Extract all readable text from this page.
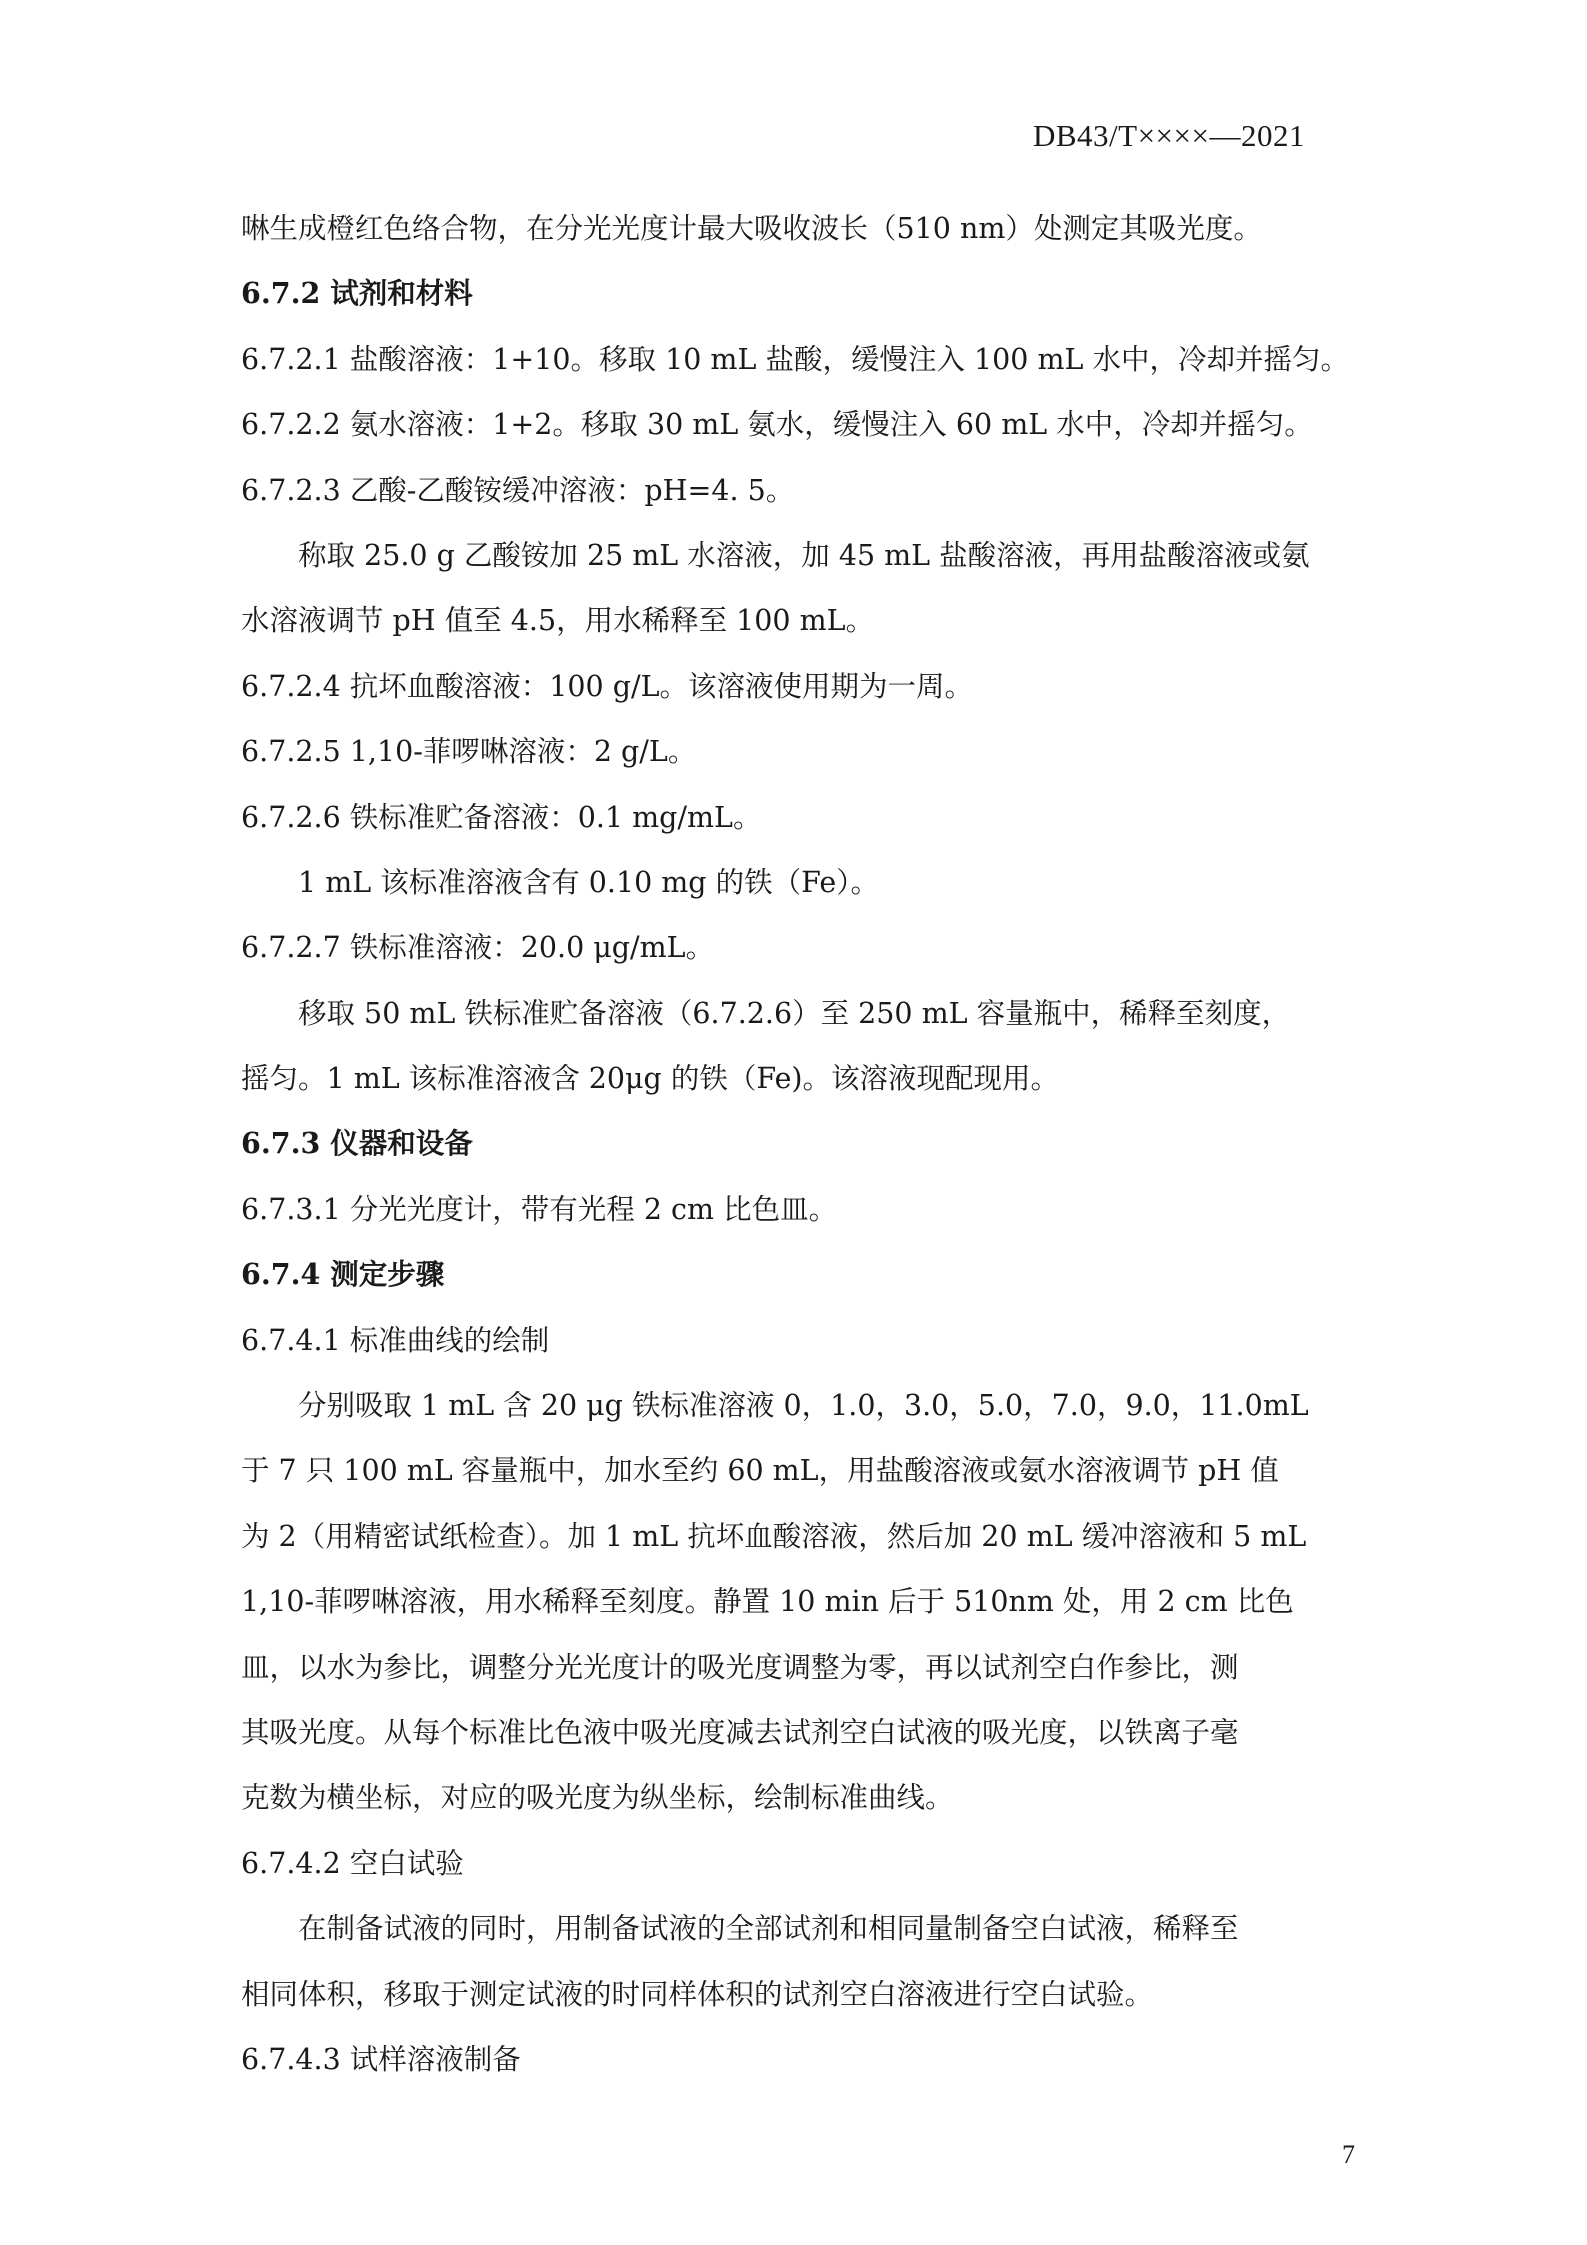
DB43/T××××—2021
啉生成橙红色络合物，在分光光度计最大吸收波长（510 nm）处测定其吸光度。
6.7.2 试剂和材料
6.7.2.1 盐酸溶液：1+10。移取 10 mL 盐酸，缓慢注入 100 mL 水中，冷却并摇匀。
6.7.2.2 氨水溶液：1+2。移取 30 mL 氨水，缓慢注入 60 mL 水中，冷却并摇匀。
6.7.2.3 乙酸-乙酸铵缓冲溶液：pH=4. 5。
称取 25.0 g 乙酸铵加 25 mL 水溶液，加 45 mL 盐酸溶液，再用盐酸溶液或氨
水溶液调节 pH 值至 4.5，用水稀释至 100 mL。
6.7.2.4 抗坏血酸溶液：100 g/L。该溶液使用期为一周。
6.7.2.5 1,10-菲啰啉溶液：2 g/L。
6.7.2.6 铁标准贮备溶液：0.1 mg/mL。
1 mL 该标准溶液含有 0.10 mg 的铁（Fe）。
6.7.2.7 铁标准溶液：20.0 μg/mL。
移取 50 mL 铁标准贮备溶液（6.7.2.6）至 250 mL 容量瓶中，稀释至刻度，
摇匀。1 mL 该标准溶液含 20μg 的铁（Fe)。该溶液现配现用。
6.7.3 仪器和设备
6.7.3.1 分光光度计，带有光程 2 cm 比色皿。
6.7.4 测定步骤
6.7.4.1 标准曲线的绘制
分别吸取 1 mL 含 20 μg 铁标准溶液 0，1.0，3.0，5.0，7.0，9.0，11.0mL
于 7 只 100 mL 容量瓶中，加水至约 60 mL，用盐酸溶液或氨水溶液调节 pH 值
为 2（用精密试纸检查）。加 1 mL 抗坏血酸溶液，然后加 20 mL 缓冲溶液和 5 mL
1,10-菲啰啉溶液，用水稀释至刻度。静置 10 min 后于 510nm 处，用 2 cm 比色
皿，以水为参比，调整分光光度计的吸光度调整为零，再以试剂空白作参比，测
其吸光度。从每个标准比色液中吸光度减去试剂空白试液的吸光度，以铁离子毫
克数为横坐标，对应的吸光度为纵坐标，绘制标准曲线。
6.7.4.2 空白试验
在制备试液的同时，用制备试液的全部试剂和相同量制备空白试液，稀释至
相同体积，移取于测定试液的时同样体积的试剂空白溶液进行空白试验。
6.7.4.3 试样溶液制备
7
